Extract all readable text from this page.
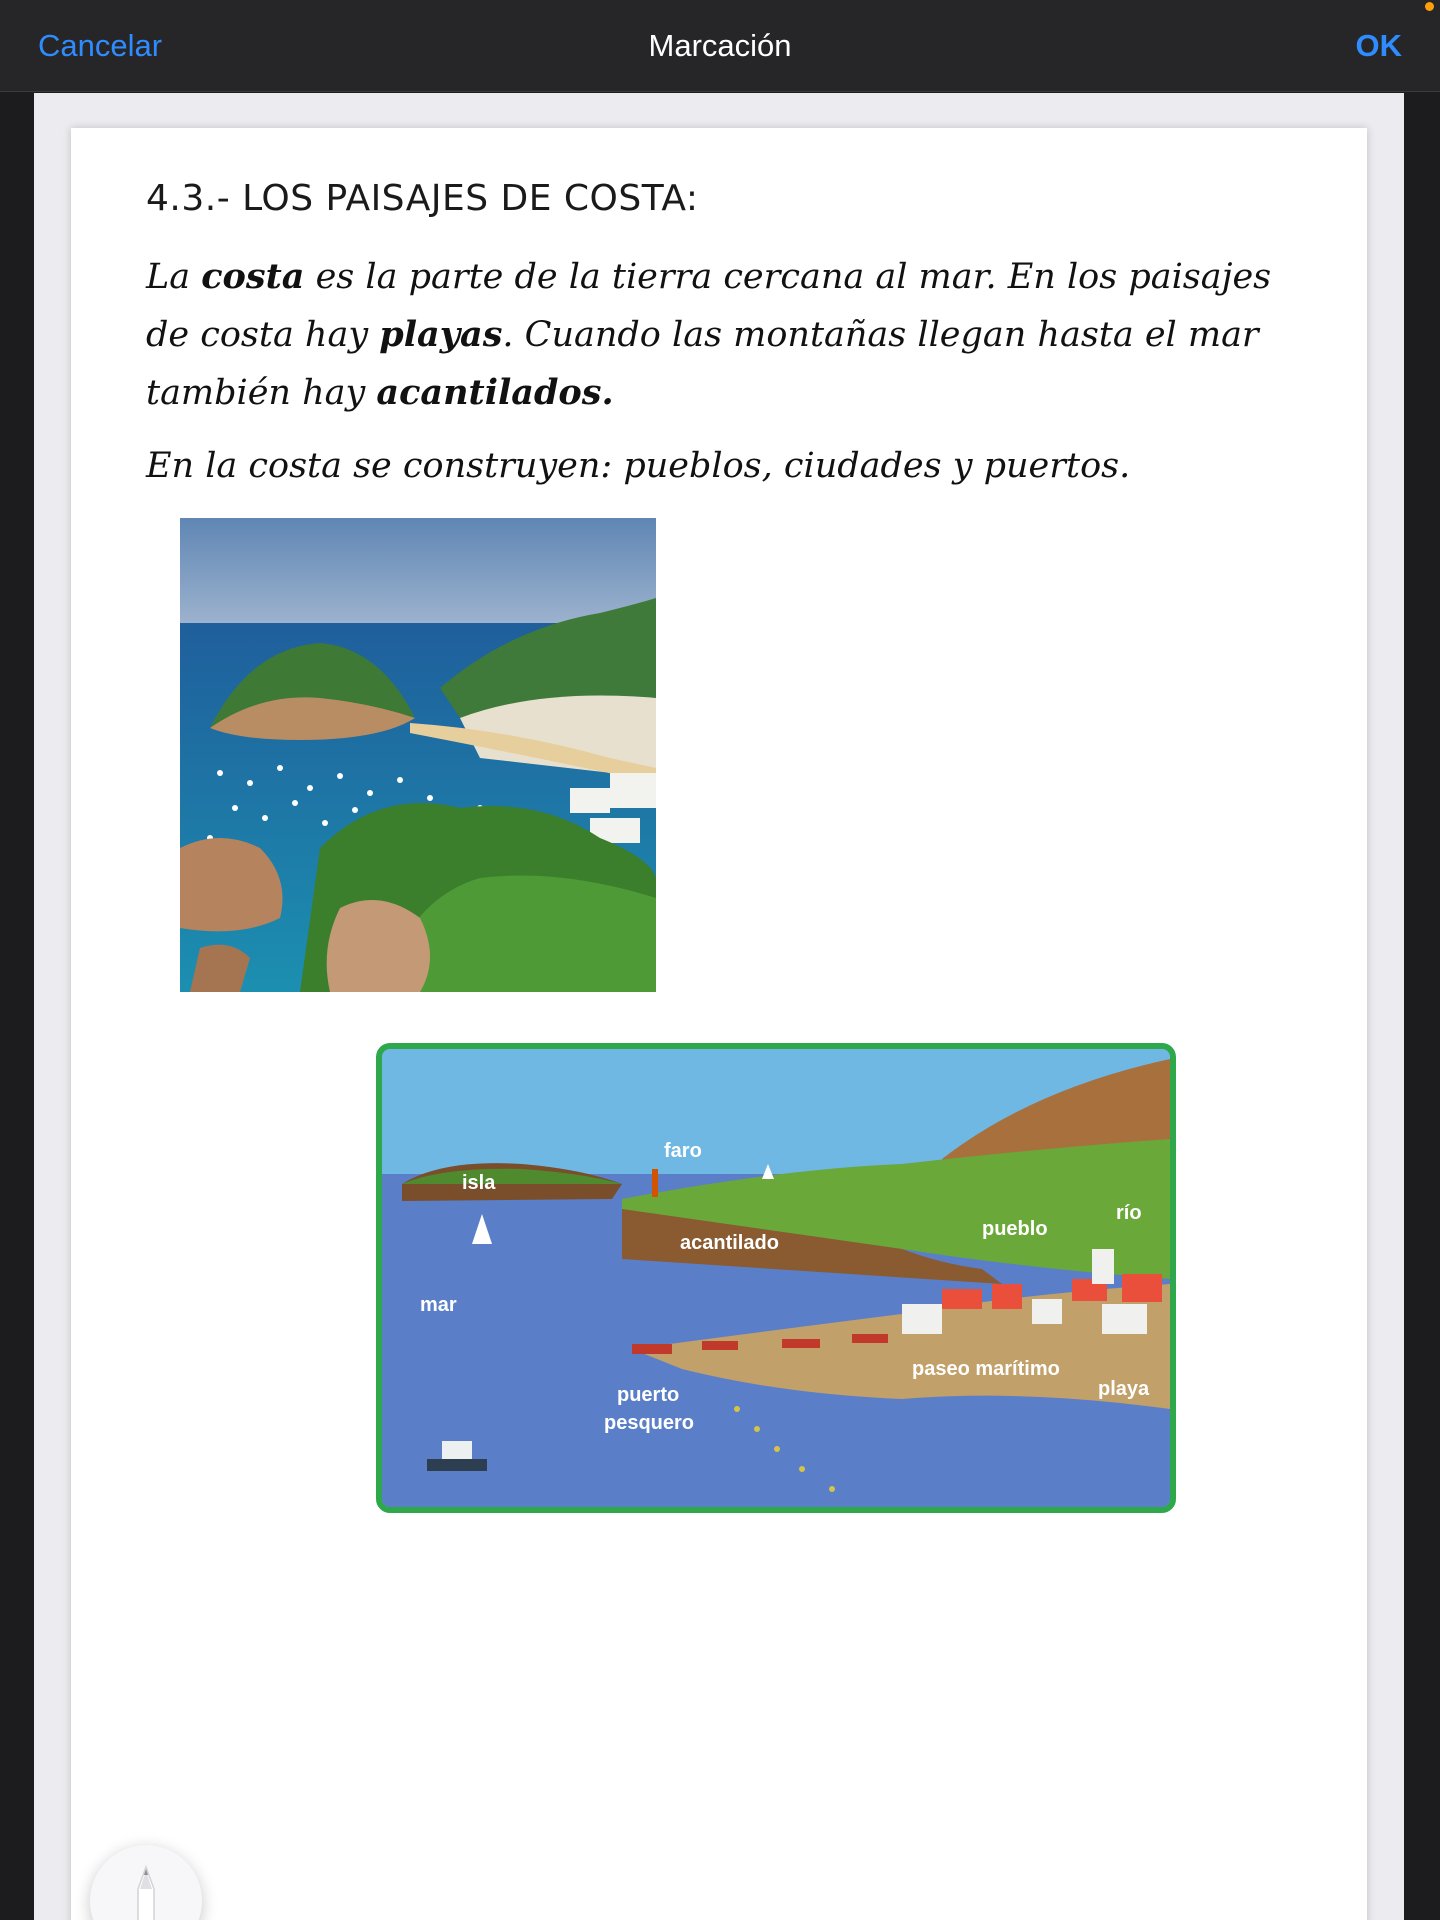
Cancelar	Marcación	OK
4.3.- LOS PAISAJES DE COSTA:
La costa es la parte de la tierra cercana al mar. En los paisajes de costa hay playas. Cuando las montañas llegan hasta el mar también hay acantilados.
En la costa se construyen: pueblos, ciudades y puertos.
isla
faro
mar
acantilado
pueblo
río
puerto
pesquero
paseo marítimo
playa
